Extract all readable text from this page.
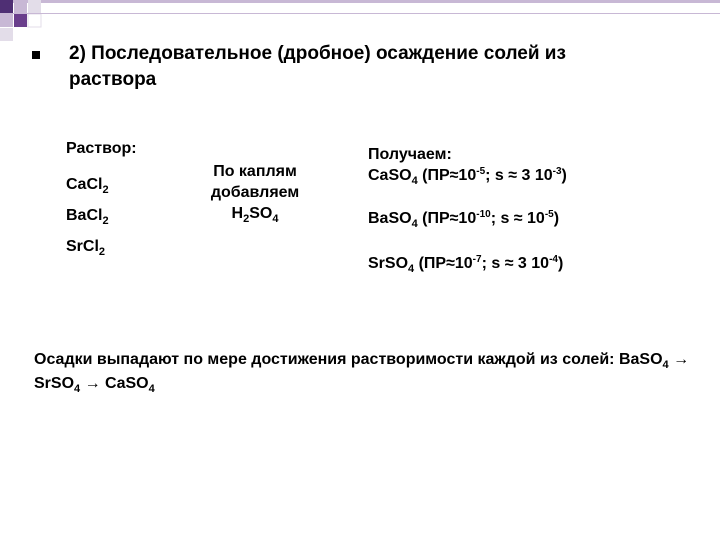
2) Последовательное (дробное) осаждение солей из раствора
Раствор:
CaCl$_2$
BaCl$_2$
SrCl$_2$
По каплям
добавляем
$H_2SO_4$
Получаем:
CaSO$_4$ ($ПР\approx 10^{-5}$; s ≈ 3 $10^{-3}$)
BaSO$_4$ ($ПР\approx 10^{-10}$; $s \approx 10^{-5}$)
SrSO$_4$ ($ПР\approx 10^{-7}$; s ≈ 3 $10^{-4}$)
Осадки выпадают по мере достижения растворимости каждой из солей: BaSO$_4$ → SrSO$_4$ → CaSO$_4$
